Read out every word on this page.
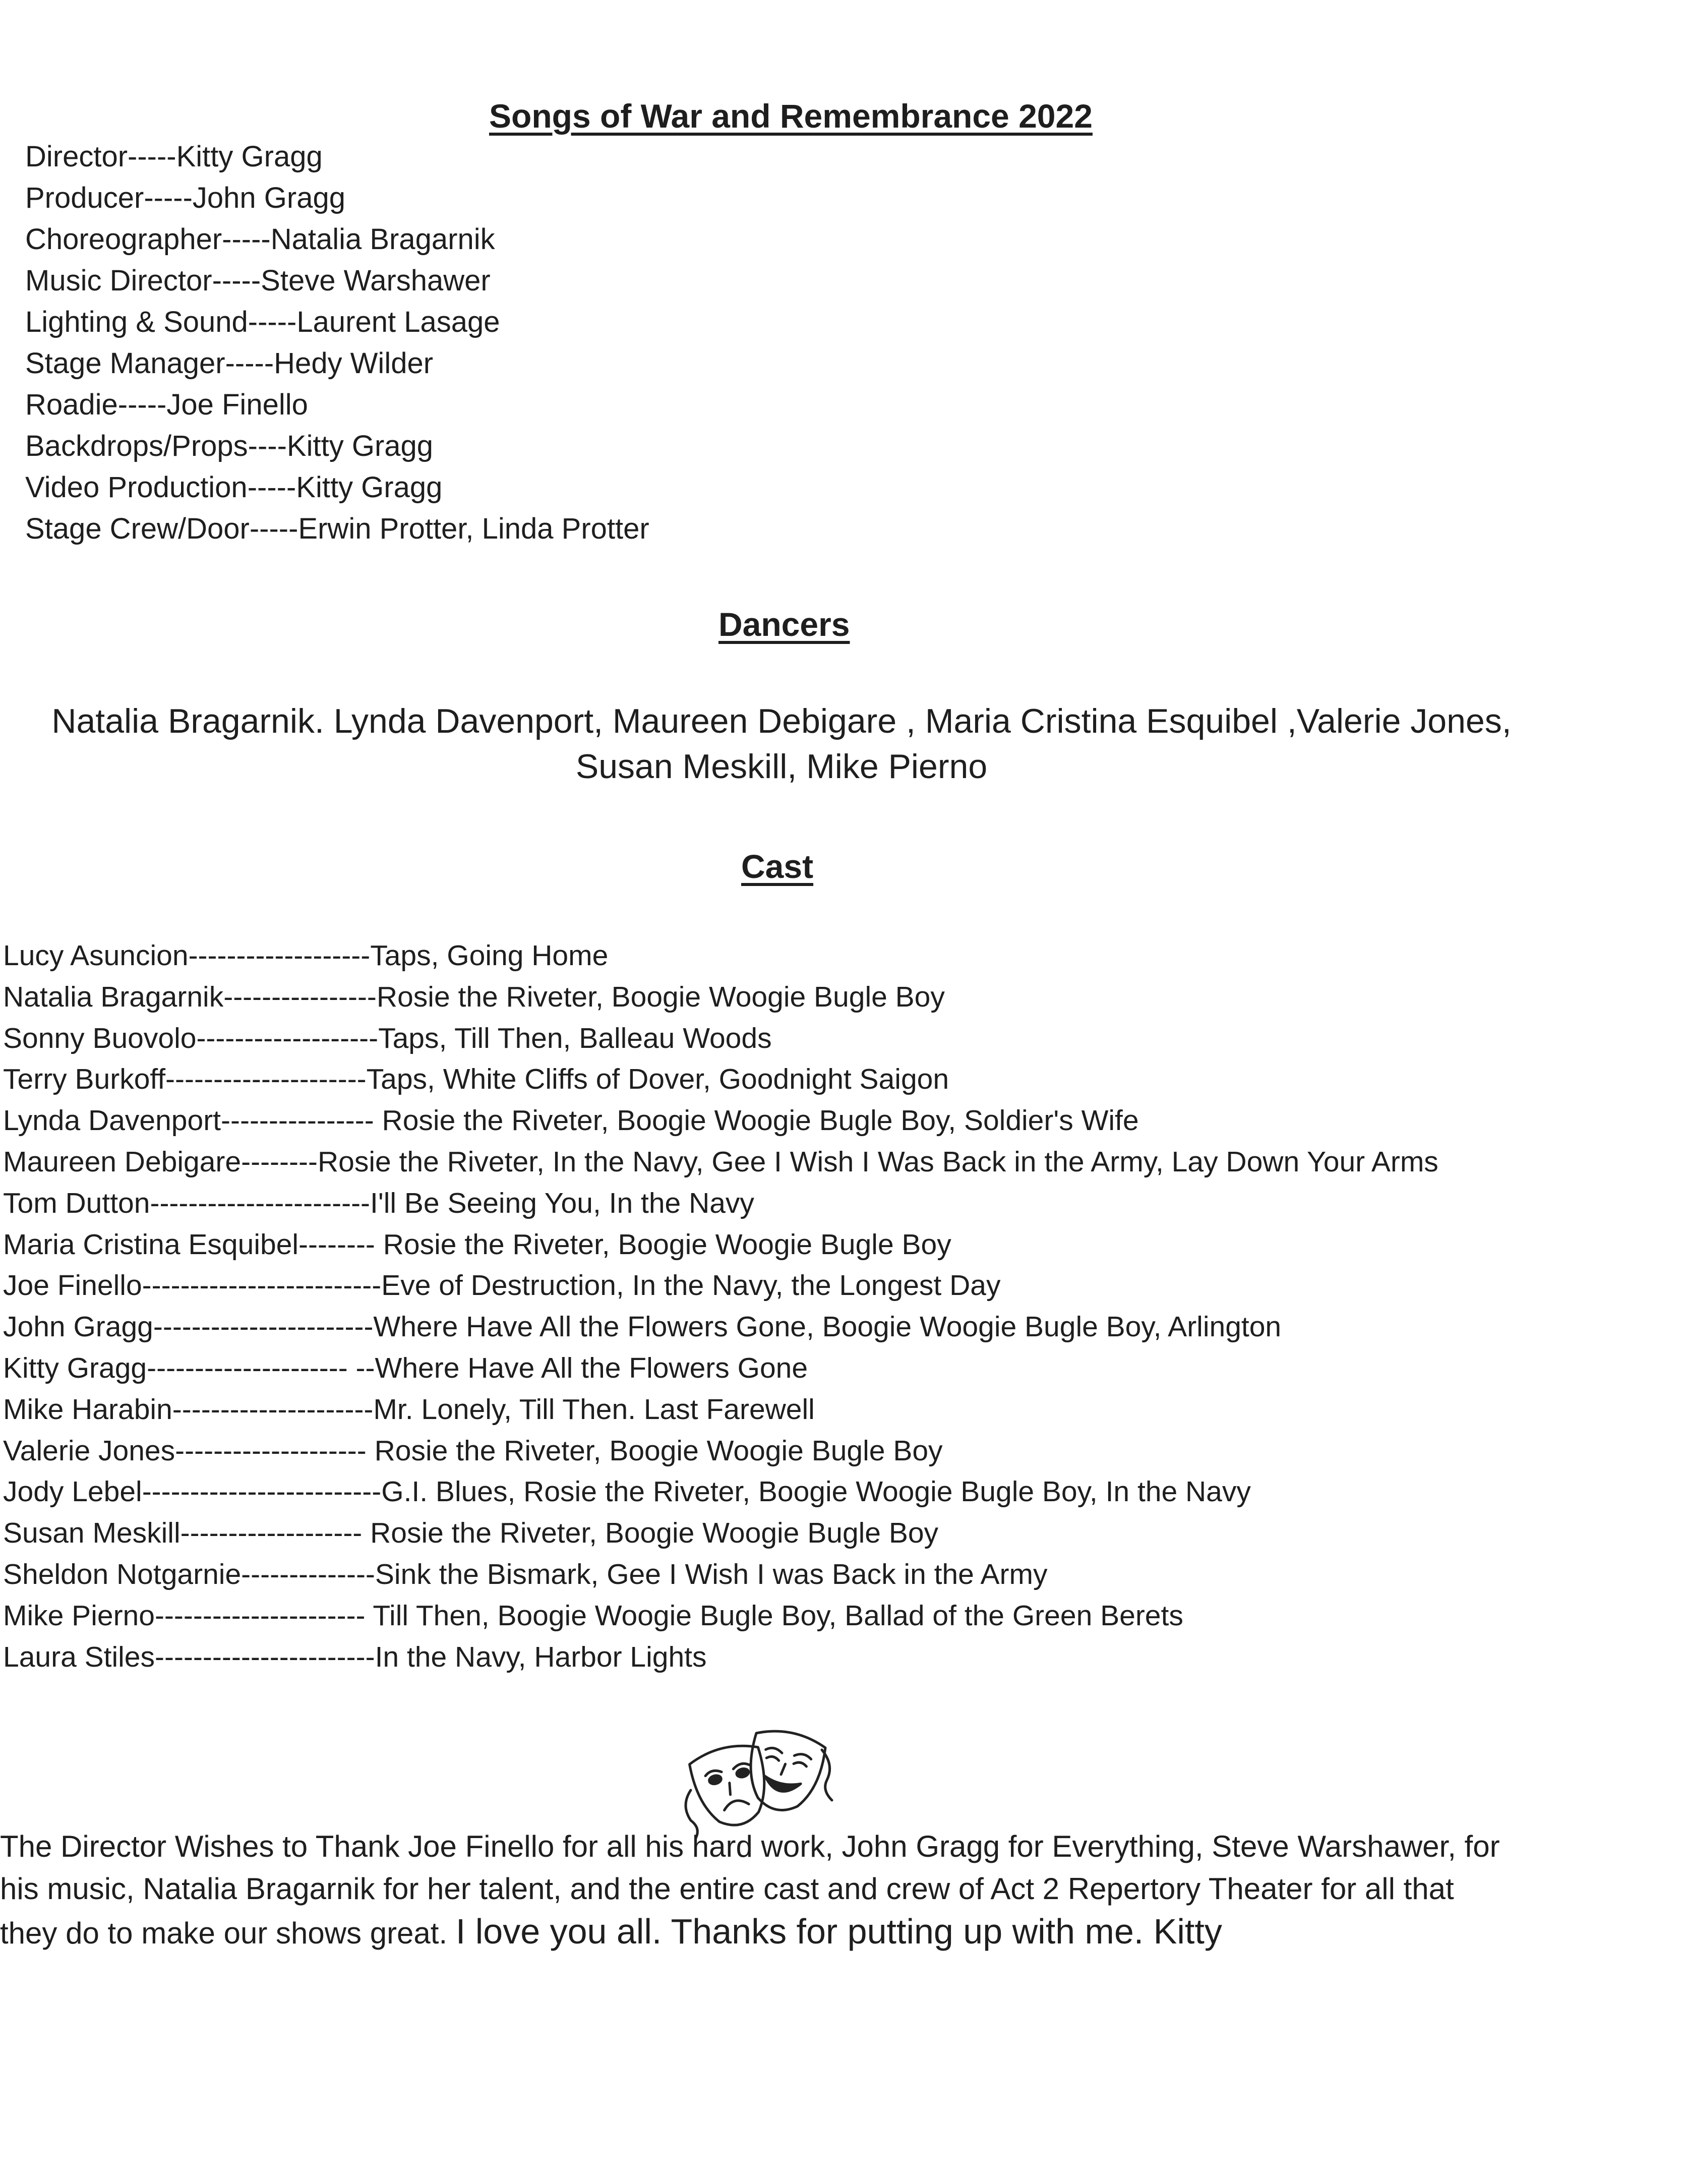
Songs of War and Remembrance 2022
Director-----Kitty Gragg
Producer-----John Gragg
Choreographer-----Natalia Bragarnik
Music Director-----Steve Warshawer
Lighting & Sound-----Laurent Lasage
Stage Manager-----Hedy Wilder
Roadie-----Joe Finello
Backdrops/Props----Kitty Gragg
Video Production-----Kitty Gragg
Stage Crew/Door-----Erwin Protter, Linda Protter
Dancers
Natalia Bragarnik. Lynda Davenport, Maureen Debigare , Maria Cristina Esquibel ,Valerie Jones,
Susan Meskill, Mike Pierno
Cast
Lucy Asuncion-------------------Taps, Going Home
Natalia Bragarnik----------------Rosie the Riveter, Boogie Woogie Bugle Boy
Sonny Buovolo-------------------Taps, Till Then, Balleau Woods
Terry Burkoff---------------------Taps, White Cliffs of Dover, Goodnight Saigon
Lynda Davenport---------------- Rosie the Riveter, Boogie Woogie Bugle Boy, Soldier's Wife
Maureen Debigare--------Rosie the Riveter, In the Navy, Gee I Wish I Was Back in the Army, Lay Down Your Arms
Tom Dutton-----------------------I'll Be Seeing You, In the Navy
Maria Cristina Esquibel-------- Rosie the Riveter, Boogie Woogie Bugle Boy
Joe Finello-------------------------Eve of Destruction, In the Navy, the Longest Day
John Gragg-----------------------Where Have All the Flowers Gone, Boogie Woogie Bugle Boy, Arlington
Kitty Gragg--------------------- --Where Have All the Flowers Gone
Mike Harabin---------------------Mr. Lonely, Till Then. Last Farewell
Valerie Jones-------------------- Rosie the Riveter, Boogie Woogie Bugle Boy
Jody Lebel-------------------------G.I. Blues, Rosie the Riveter, Boogie Woogie Bugle Boy, In the Navy
Susan Meskill------------------- Rosie the Riveter, Boogie Woogie Bugle Boy
Sheldon Notgarnie--------------Sink the Bismark, Gee I Wish I was Back in the Army
Mike Pierno---------------------- Till Then, Boogie Woogie Bugle Boy, Ballad of the Green Berets
Laura Stiles-----------------------In the Navy, Harbor Lights
The Director Wishes to Thank Joe Finello for all his hard work, John Gragg for Everything, Steve Warshawer, for
his music, Natalia Bragarnik for her talent, and the entire cast and crew of Act 2 Repertory Theater for all that
they do to make our shows great. I love you all. Thanks for putting up with me. Kitty
